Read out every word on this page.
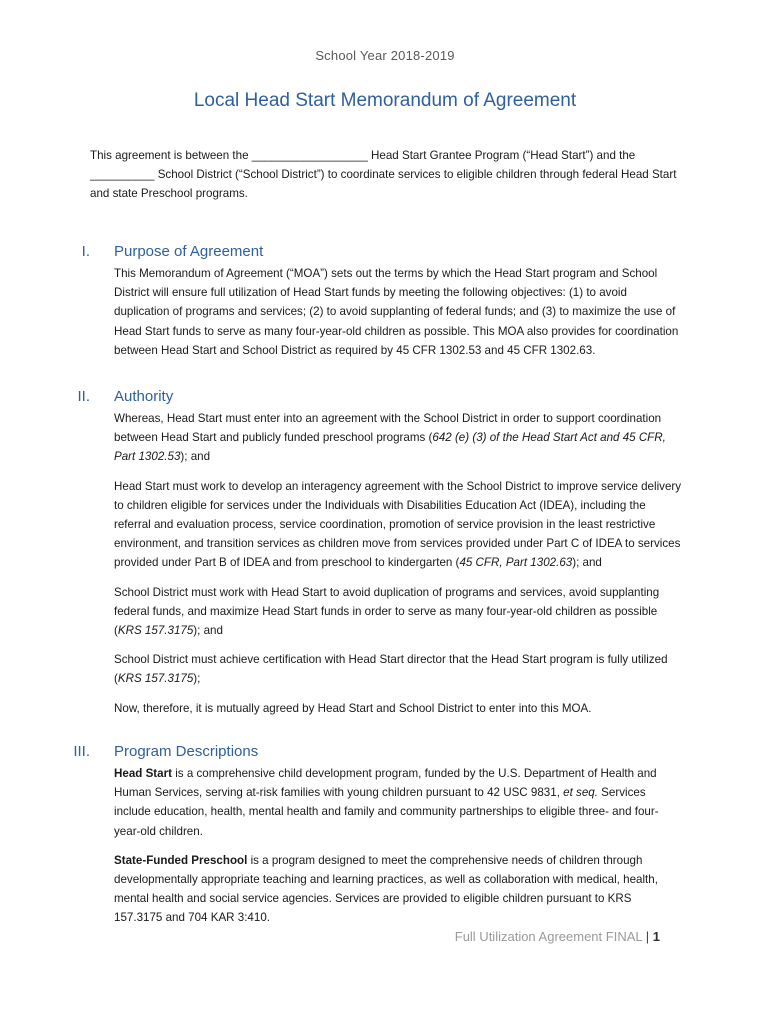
School Year 2018-2019
Local Head Start Memorandum of Agreement

This agreement is between the __________________ Head Start Grantee Program (“Head Start”) and the __________ School District (“School District”) to coordinate services to eligible children through federal Head Start and state Preschool programs.

I. Purpose of Agreement

This Memorandum of Agreement (“MOA”) sets out the terms by which the Head Start program and School District will ensure full utilization of Head Start funds by meeting the following objectives: (1) to avoid duplication of programs and services; (2) to avoid supplanting of federal funds; and (3) to maximize the use of Head Start funds to serve as many four-year-old children as possible. This MOA also provides for coordination between Head Start and School District as required by 45 CFR 1302.53 and 45 CFR 1302.63.

II. Authority

Whereas, Head Start must enter into an agreement with the School District in order to support coordination between Head Start and publicly funded preschool programs (642 (e) (3) of the Head Start Act and 45 CFR, Part 1302.53); and

Head Start must work to develop an interagency agreement with the School District to improve service delivery to children eligible for services under the Individuals with Disabilities Education Act (IDEA), including the referral and evaluation process, service coordination, promotion of service provision in the least restrictive environment, and transition services as children move from services provided under Part C of IDEA to services provided under Part B of IDEA and from preschool to kindergarten (45 CFR, Part 1302.63); and

School District must work with Head Start to avoid duplication of programs and services, avoid supplanting federal funds, and maximize Head Start funds in order to serve as many four-year-old children as possible (KRS 157.3175); and

School District must achieve certification with Head Start director that the Head Start program is fully utilized (KRS 157.3175);

Now, therefore, it is mutually agreed by Head Start and School District to enter into this MOA.

III. Program Descriptions

Head Start is a comprehensive child development program, funded by the U.S. Department of Health and Human Services, serving at-risk families with young children pursuant to 42 USC 9831, et seq. Services include education, health, mental health and family and community partnerships to eligible three- and four-year-old children.

State-Funded Preschool is a program designed to meet the comprehensive needs of children through developmentally appropriate teaching and learning practices, as well as collaboration with medical, health, mental health and social service agencies. Services are provided to eligible children pursuant to KRS 157.3175 and 704 KAR 3:410.

Full Utilization Agreement FINAL | 1
